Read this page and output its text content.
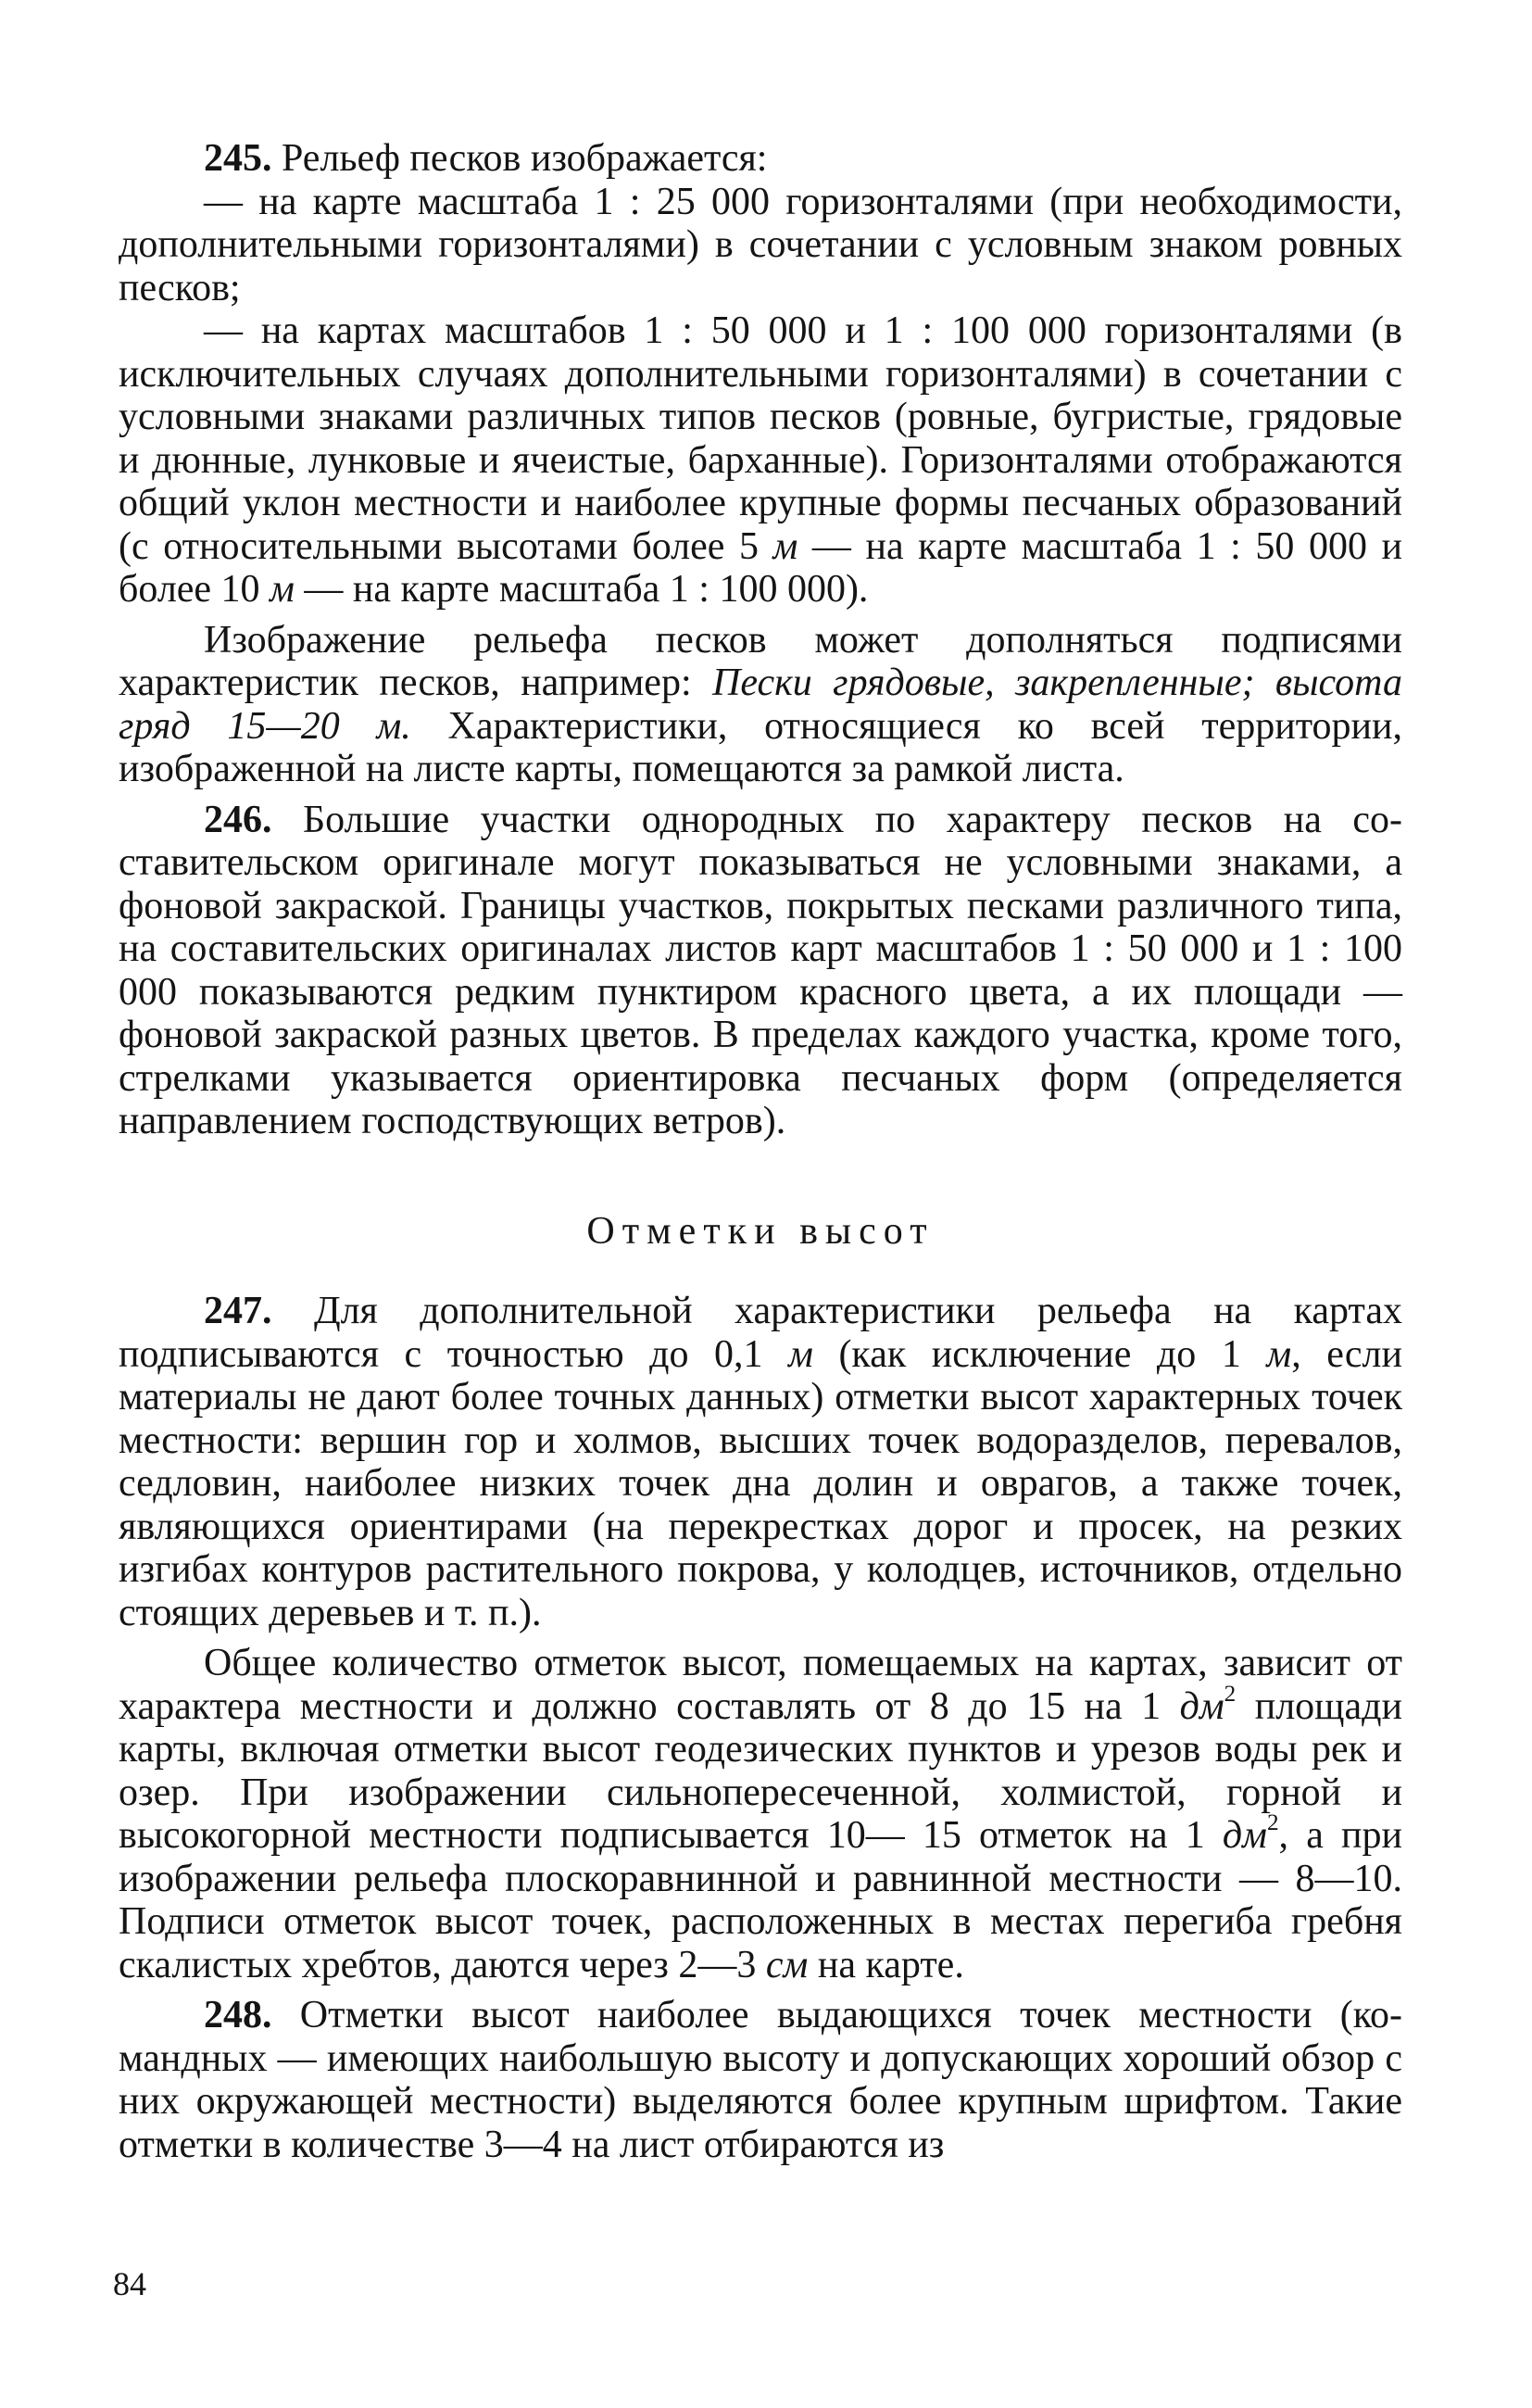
245. Рельеф песков изображается:

— на карте масштаба 1 : 25 000 горизонталями (при необходимости, дополнительными горизонталями) в сочетании с условным знаком ровных песков;

— на картах масштабов 1 : 50 000 и 1 : 100 000 горизонталями (в исключительных случаях дополнительными горизонталями) в сочетании с условными знаками различных типов песков (ровные, бугристые, грядовые и дюнные, лунковые и ячеистые, барханные). Горизонталями отображаются общий уклон местности и наиболее крупные формы песчаных образований (с относительными высотами более 5 м — на карте масштаба 1 : 50 000 и более 10 м — на карте масштаба 1 : 100 000).

Изображение рельефа песков может дополняться подписями характеристик песков, например: Пески грядовые, закрепленные; высота гряд 15—20 м. Характеристики, относящиеся ко всей территории, изображенной на листе карты, помещаются за рамкой листа.

246. Большие участки однородных по характеру песков на составительском оригинале могут показываться не условными знаками, а фоновой закраской. Границы участков, покрытых песками различного типа, на составительских оригиналах листов карт масштабов 1 : 50 000 и 1 : 100 000 показываются редким пунктиром красного цвета, а их площади — фоновой закраской разных цветов. В пределах каждого участка, кроме того, стрелками указывается ориентировка песчаных форм (определяется направлением господствующих ветров).

Отметки высот

247. Для дополнительной характеристики рельефа на картах подписываются с точностью до 0,1 м (как исключение до 1 м, если материалы не дают более точных данных) отметки высот характерных точек местности: вершин гор и холмов, высших точек водоразделов, перевалов, седловин, наиболее низких точек дна долин и оврагов, а также точек, являющихся ориентирами (на перекрестках дорог и просек, на резких изгибах контуров растительного покрова, у колодцев, источников, отдельно стоящих деревьев и т. п.).

Общее количество отметок высот, помещаемых на картах, зависит от характера местности и должно составлять от 8 до 15 на 1 $дм^2$ площади карты, включая отметки высот геодезических пунктов и урезов воды рек и озер. При изображении сильнопересеченной, холмистой, горной и высокогорной местности подписывается 10— 15 отметок на 1 $дм^2$, а при изображении рельефа плоскоравнинной и равнинной местности — 8—10. Подписи отметок высот точек, расположенных в местах перегиба гребня скалистых хребтов, даются через 2—3 см на карте.

248. Отметки высот наиболее выдающихся точек местности (командных — имеющих наибольшую высоту и допускающих хороший обзор с них окружающей местности) выделяются более крупным шрифтом. Такие отметки в количестве 3—4 на лист отбираются из

84
